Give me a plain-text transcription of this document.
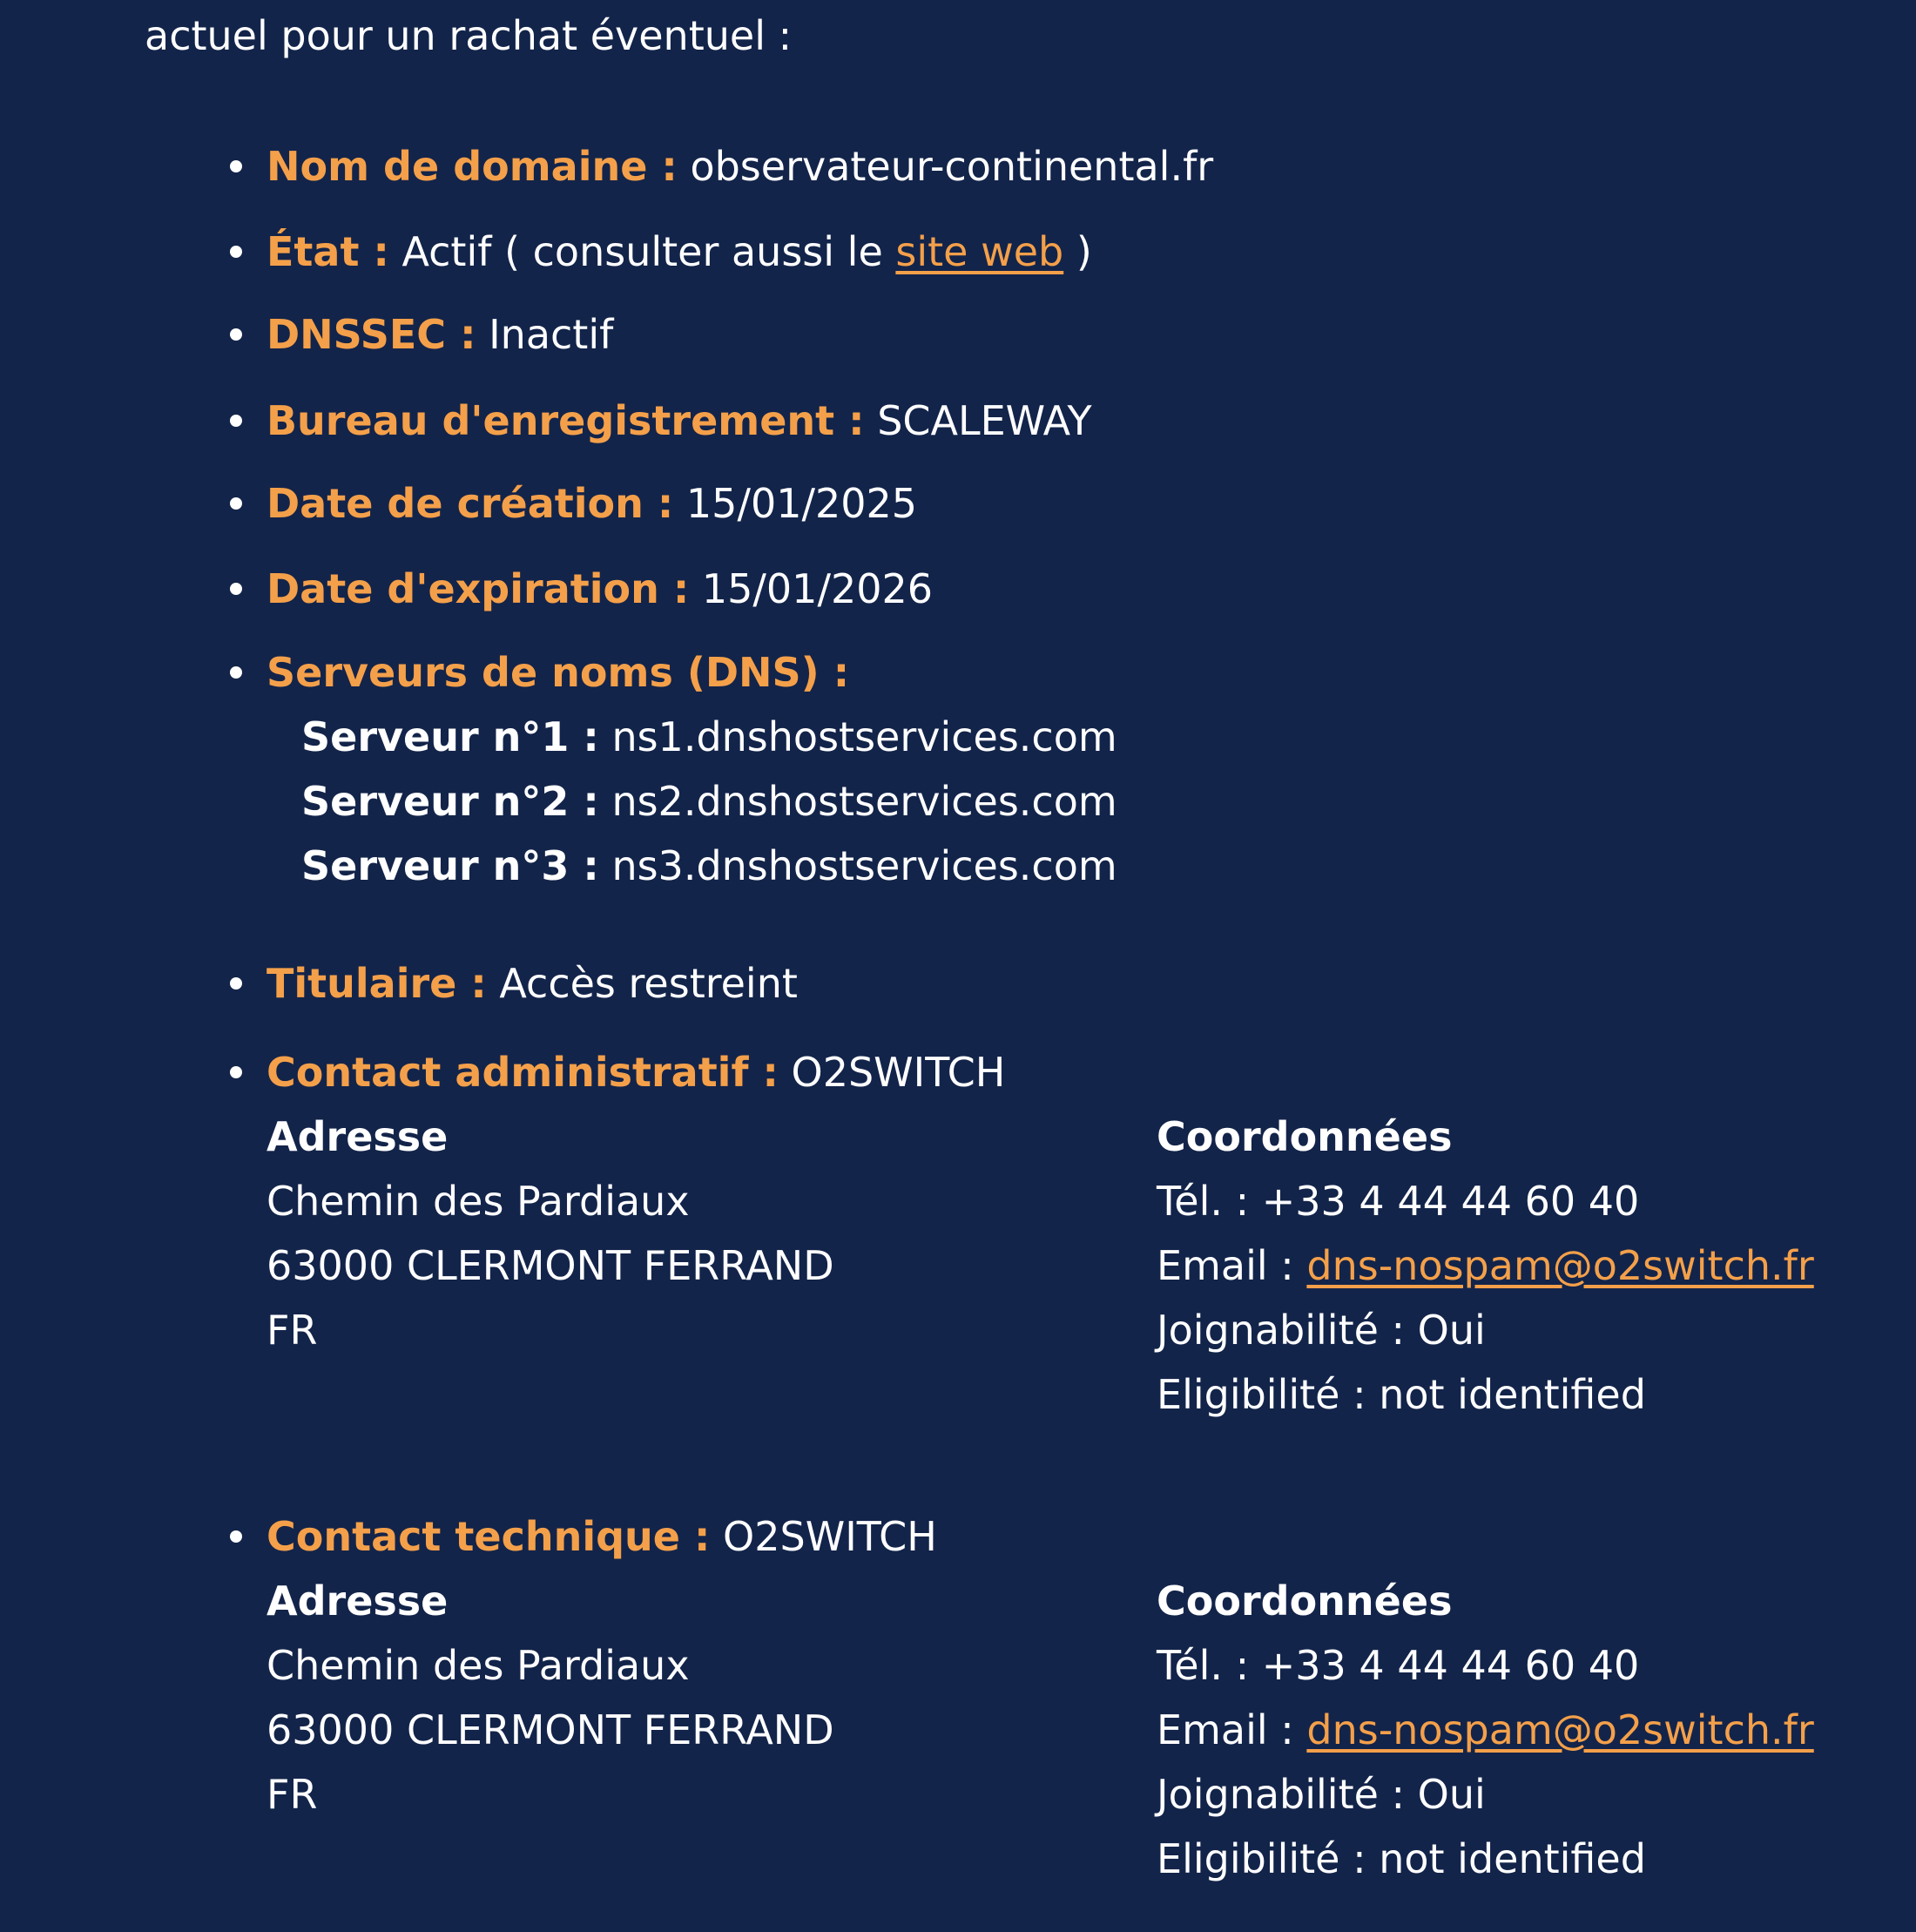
actuel pour un rachat éventuel :
Nom de domaine : observateur-continental.fr
État : Actif ( consulter aussi le site web )
DNSSEC : Inactif
Bureau d'enregistrement : SCALEWAY
Date de création : 15/01/2025
Date d'expiration : 15/01/2026
Serveurs de noms (DNS) :
Serveur n°1 : ns1.dnshostservices.com
Serveur n°2 : ns2.dnshostservices.com
Serveur n°3 : ns3.dnshostservices.com
Titulaire : Accès restreint
Contact administratif : O2SWITCH
Adresse
Chemin des Pardiaux
63000 CLERMONT FERRAND
FR
Coordonnées
Tél. : +33 4 44 44 60 40
Email : dns-nospam@o2switch.fr
Joignabilité : Oui
Eligibilité : not identified
Contact technique : O2SWITCH
Adresse
Chemin des Pardiaux
63000 CLERMONT FERRAND
FR
Coordonnées
Tél. : +33 4 44 44 60 40
Email : dns-nospam@o2switch.fr
Joignabilité : Oui
Eligibilité : not identified
